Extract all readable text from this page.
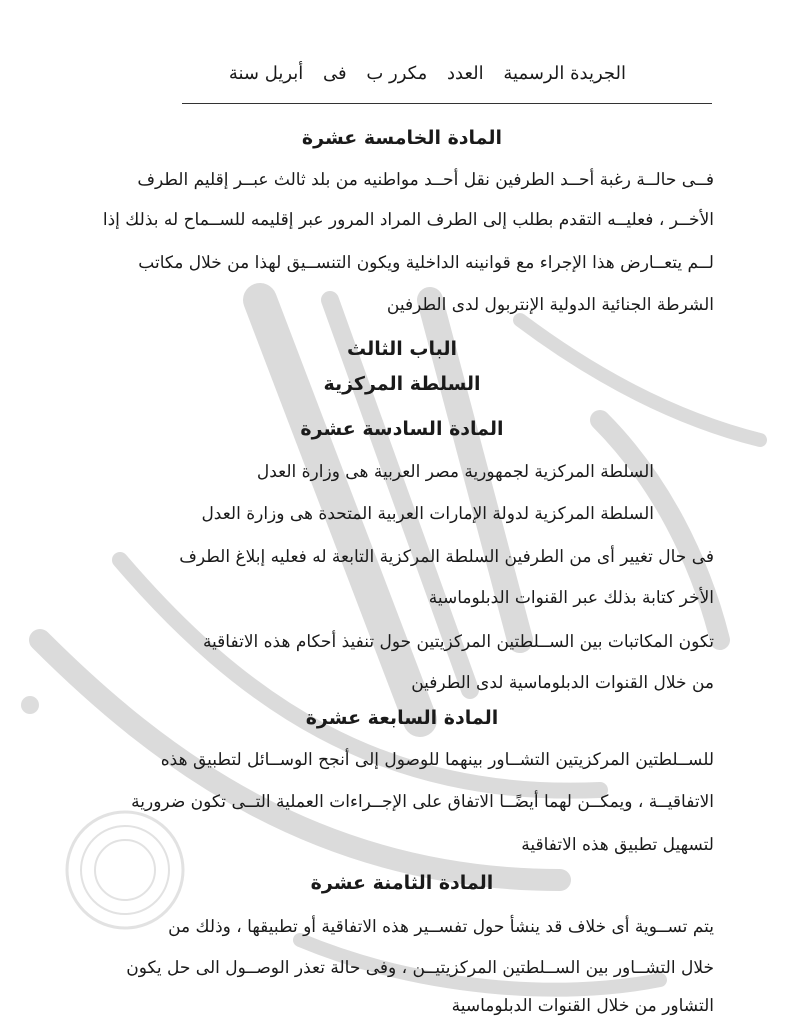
الجريدة الرسمية العدد مكرر ب فى أبريل سنة
المادة الخامسة عشرة
فــى حالــة رغبة أحــد الطرفين نقل أحــد مواطنيه من بلد ثالث عبــر إقليم الطرف
الأخــر ، فعليــه التقدم بطلب إلى الطرف المراد المرور عبر إقليمه للســماح له بذلك إذا
لــم يتعــارض هذا الإجراء مع قوانينه الداخلية ويكون التنســيق لهذا من خلال مكاتب
الشرطة الجنائية الدولية الإنتربول لدى الطرفين
الباب الثالث
السلطة المركزية
المادة السادسة عشرة
السلطة المركزية لجمهورية مصر العربية هى وزارة العدل
السلطة المركزية لدولة الإمارات العربية المتحدة هى وزارة العدل
فى حال تغيير أى من الطرفين السلطة المركزية التابعة له فعليه إبلاغ الطرف
الأخر كتابة بذلك عبر القنوات الدبلوماسية
تكون المكاتبات بين الســلطتين المركزيتين حول تنفيذ أحكام هذه الاتفاقية
من خلال القنوات الدبلوماسية لدى الطرفين
المادة السابعة عشرة
للســلطتين المركزيتين التشــاور بينهما للوصول إلى أنجح الوســائل لتطبيق هذه
الاتفاقيــة ، ويمكــن لهما أيضًــا الاتفاق على الإجــراءات العملية التــى تكون ضرورية
لتسهيل تطبيق هذه الاتفاقية
المادة الثامنة عشرة
يتم تســوية أى خلاف قد ينشأ حول تفســير هذه الاتفاقية أو تطبيقها ، وذلك من
خلال التشــاور بين الســلطتين المركزيتيــن ، وفى حالة تعذر الوصــول الى حل يكون
التشاور من خلال القنوات الدبلوماسية
